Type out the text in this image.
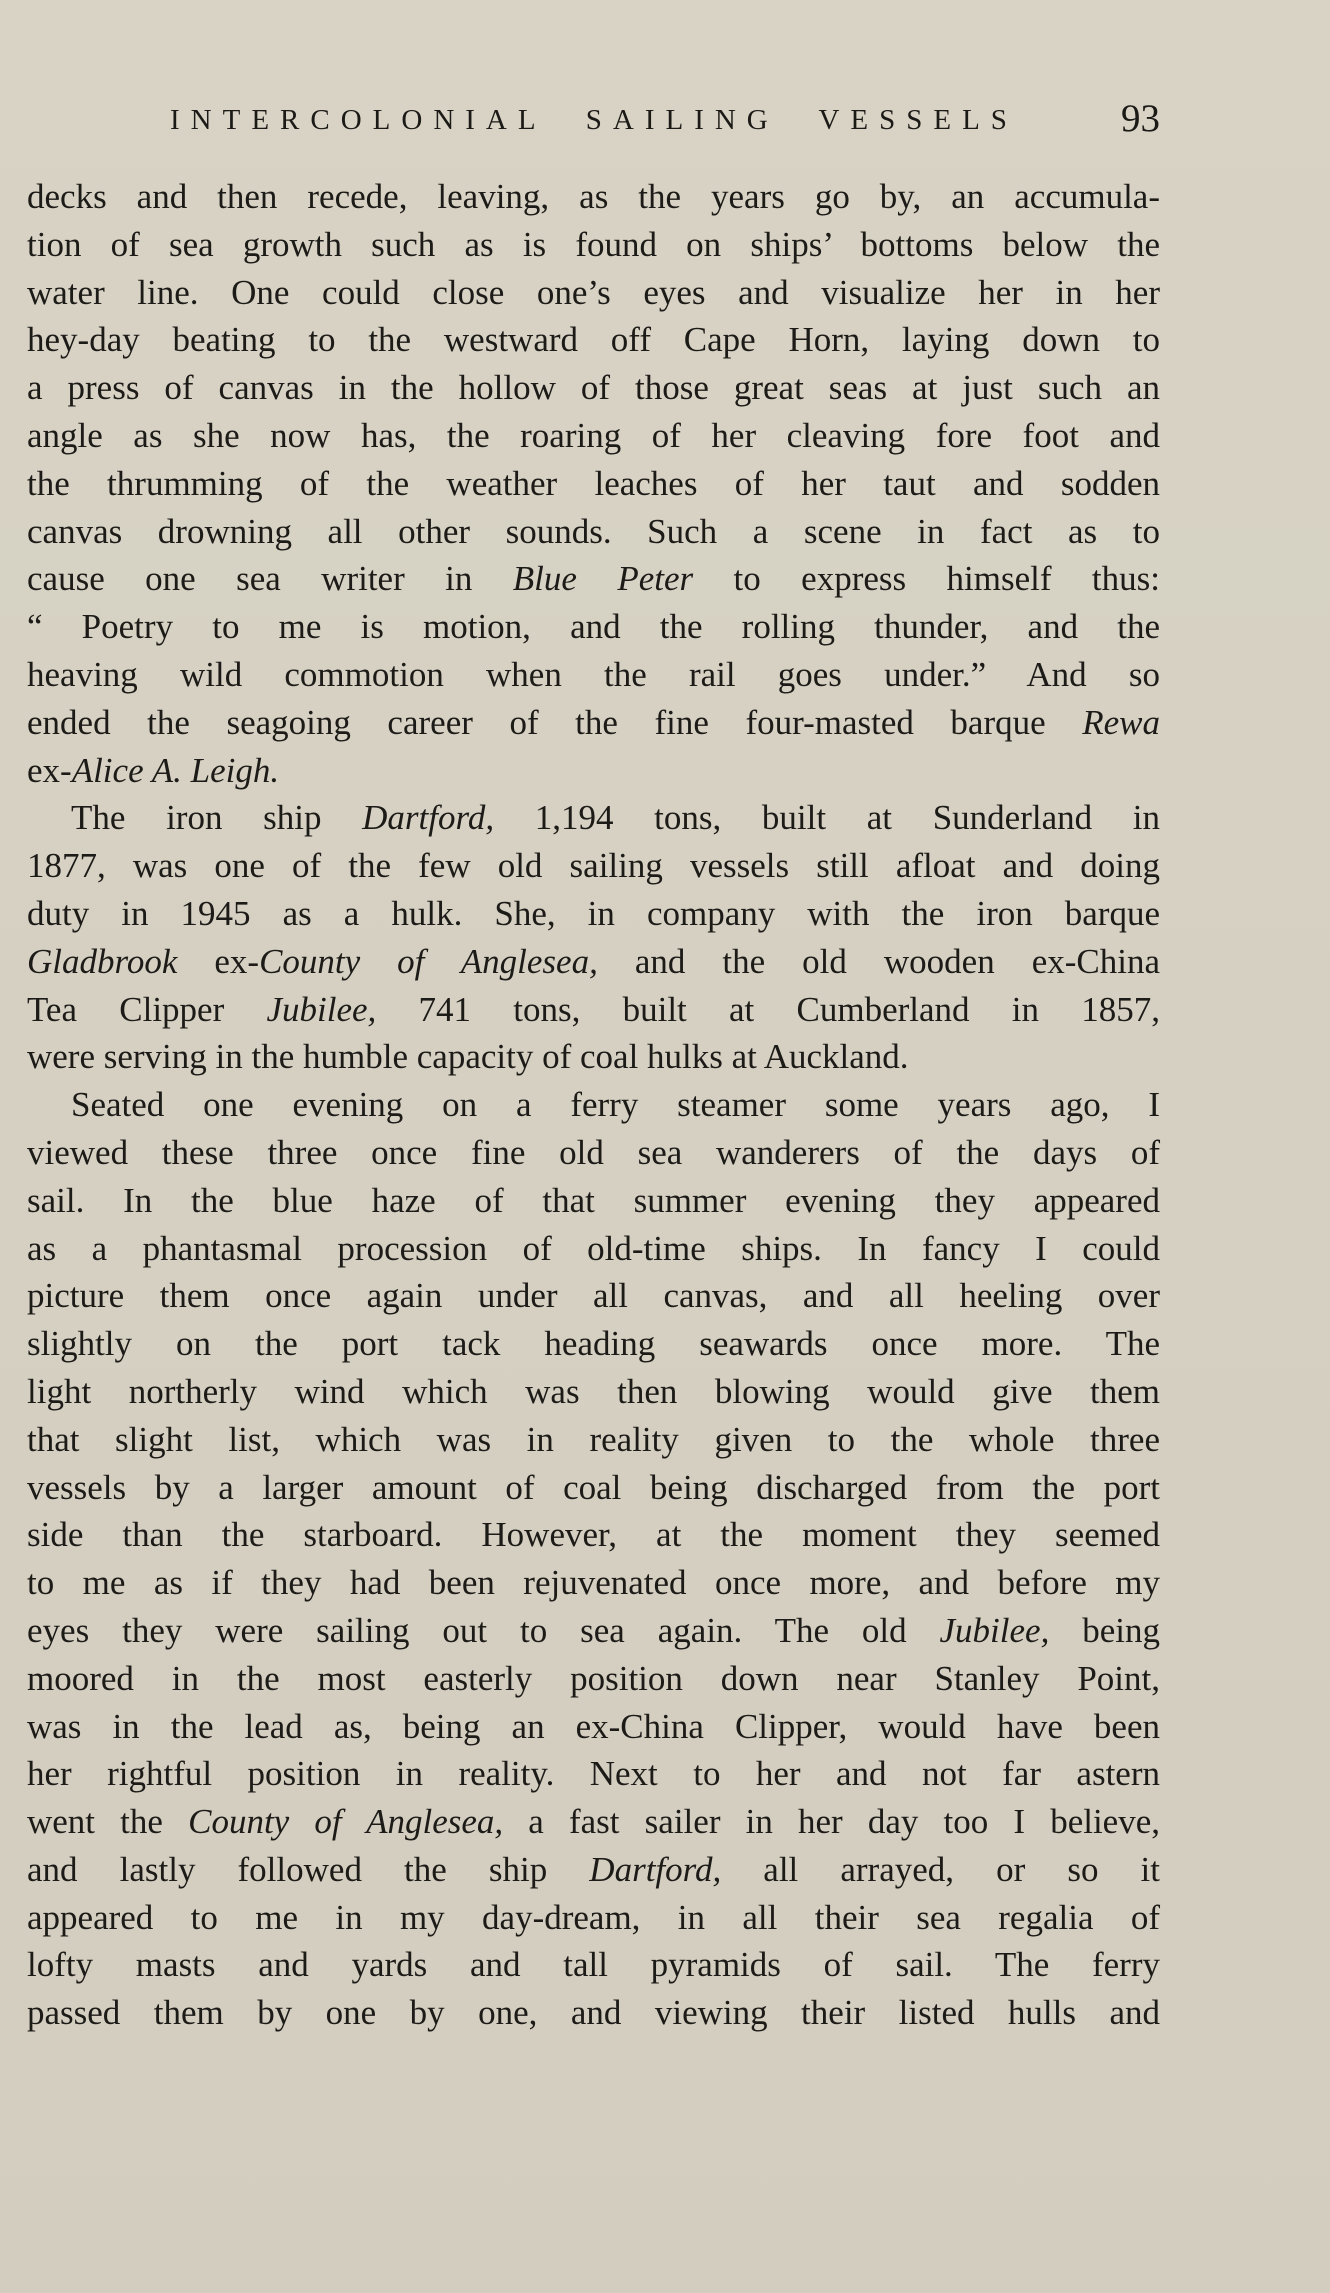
INTERCOLONIAL SAILING VESSELS	93
decks and then recede, leaving, as the years go by, an accumula-
tion of sea growth such as is found on ships’ bottoms below the
water line. One could close one’s eyes and visualize her in her
hey-day beating to the westward off Cape Horn, laying down to
a press of canvas in the hollow of those great seas at just such an
angle as she now has, the roaring of her cleaving fore foot and
the thrumming of the weather leaches of her taut and sodden
canvas drowning all other sounds. Such a scene in fact as to
cause one sea writer in Blue Peter to express himself thus:
“ Poetry to me is motion, and the rolling thunder, and the
heaving wild commotion when the rail goes under.” And so
ended the seagoing career of the fine four-masted barque Rewa
ex-Alice A. Leigh.
The iron ship Dartford, 1,194 tons, built at Sunderland in
1877, was one of the few old sailing vessels still afloat and doing
duty in 1945 as a hulk. She, in company with the iron barque
Gladbrook ex-County of Anglesea, and the old wooden ex-China
Tea Clipper Jubilee, 741 tons, built at Cumberland in 1857,
were serving in the humble capacity of coal hulks at Auckland.
Seated one evening on a ferry steamer some years ago, I
viewed these three once fine old sea wanderers of the days of
sail. In the blue haze of that summer evening they appeared
as a phantasmal procession of old-time ships. In fancy I could
picture them once again under all canvas, and all heeling over
slightly on the port tack heading seawards once more. The
light northerly wind which was then blowing would give them
that slight list, which was in reality given to the whole three
vessels by a larger amount of coal being discharged from the port
side than the starboard. However, at the moment they seemed
to me as if they had been rejuvenated once more, and before my
eyes they were sailing out to sea again. The old Jubilee, being
moored in the most easterly position down near Stanley Point,
was in the lead as, being an ex-China Clipper, would have been
her rightful position in reality. Next to her and not far astern
went the County of Anglesea, a fast sailer in her day too I believe,
and lastly followed the ship Dartford, all arrayed, or so it
appeared to me in my day-dream, in all their sea regalia of
lofty masts and yards and tall pyramids of sail. The ferry
passed them by one by one, and viewing their listed hulls and
